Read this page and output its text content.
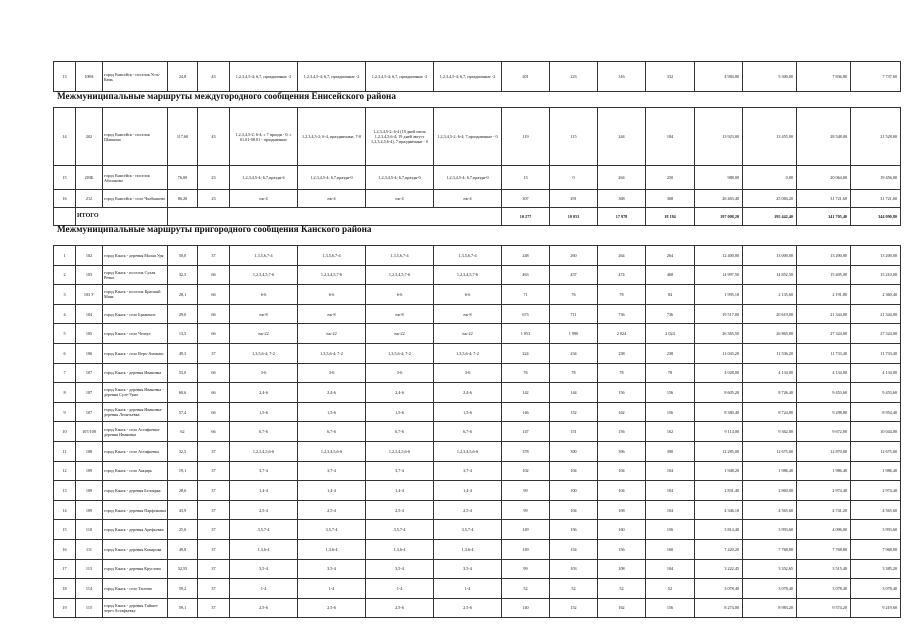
13	108А	город Енисейск - поселок Усть-Кемь	24,8	43	1,2,3,4,5-4; 6,7, праздничные -2	1,2,3,4,5-4; 6,7, праздничные -2	1,2,3,4,5-4; 6,7, праздничные -2	1,2,3,4,5-4; 6,7, праздничные -2	201	223	316	332	4 984,80	5 300,00	7 836,80	7 737,60
Межмуниципальные маршруты междугородного сообщения Енисейского района
14	202	город Енисейск - поселок Шапкино	117,60	43	1,2,3,4,5-2; 6-4; с 7 праздн - 0; с 01.01-08.01 - праздничные	1,2,3,4,5-2; 6-4, праздничные, 7-0	1,2,3,4,5-2; 6-4 (19 дней июль 1,2,3,4,5,6-4; 19 дней август 1,2,3,4,5,6-4), 7,праздничные - 0	1,2,3,4,5-2; 6-4; 7,праздничные - 0	119	115	244	184	13 923,00	13 455,00	28 548,00	21 528,00
15	203Б	город Енисейск - поселок Абалаково	76,00	23	1,2,3,4,5-4; 6,7,праздн-4	1,2,3,4,5-4; 6,7,праздн-0	1,2,3,4,5-4; 6,7,праздн-0	1,2,3,4,5-4; 6,7,праздн-0	13	0	264	250	988,00	0,00	20 064,00	19 456,00
16	212	город Енисейск - село Чалбышево	86,20	23	еж-4	еж-4	еж-4	еж-4	307	291	368	368	26 463,40	25 084,20	31 721,60	31 721,60
	ИТОГО								10 277	10 053	17 978	18 184	197 008,20	195 442,40	341 705,40	344 090,80
Межмуниципальные маршруты пригородного сообщения Канского района
1	102	город Канск - деревня Малая Уря	50,0	37	1,3,5,6,7-4	1,3,5,6,7-4	1,3,5,6,7-4	1,3,5,6,7-4	248	260	264	264	12 400,00	13 000,00	13 200,00	13 200,00
2	103	город Канск - поселок Сухая Речка	32,5	66	1,2,3,4,5,7-6	1,2,3,4,5,7-6	1,2,3,4,5,7-6	1,2,3,4,5,7-6	463	457	474	468	14 997,50	14 852,50	15 405,00	15 210,00
3	103 У	город Канск - поселок Красный Маяк	28,1	66	6-6	6-6	6-6	6-6	71	76	78	84	1 995,10	2 135,60	2 191,80	2 360,40
4	104	город Канск - село Браженое	29,0	66	еж-8	еж-8	еж-8	еж-8	673	711	736	736	19 517,00	20 619,00	21 344,00	21 344,00
5	105	город Канск - село Чечеул	13,5	66	еж-22	еж-22	еж-22	еж-22	1 953	1 990	2 024	2 024	26 365,50	26 865,00	27 324,00	27 324,00
6	106	город Канск - село Верх-Амонаш	49,3	37	1,3,5,6-4; 7-2	1,3,5,6-4; 7-2	1,3,5,6-4; 7-2	1,3,5,6-4; 7-2	224	234	238	238	11 043,20	11 536,20	11 733,40	11 733,40
7	107	город Канск - деревня Ивановка	53,0	66	3-6	3-6	3-6	3-6	76	78	78	78	4 028,00	4 134,00	4 134,00	4 134,00
8	107	город Канск - деревня Ивановка - деревня Суле-Урна	60,6	66	2,4-6	2,4-6	2,4-6	2,4-6	142	144	156	156	8 605,20	8 726,40	9 453,60	9 453,60
9	107	город Канск - деревня Ивановка-деревня Леонтьевка	57,4	66	1,5-6	1,5-6	1,5-6	1,5-6	146	152	162	156	8 380,40	8 724,80	9 298,80	8 954,40
10	107/108	город Канск - село Астафьевка-деревня Ивановка	62	66	6,7-6	6,7-6	6,7-6	6,7-6	147	151	156	162	9 114,00	9 362,00	9 672,00	10 044,00
11	108	город Канск - село Астафьевка	32,5	37	1,2,3,4,5,6-6	1,2,3,4,5,6-6	1,2,3,4,5,6-6	1,2,3,4,5,6-6	378	390	396	390	12 285,00	12 675,00	12 870,00	12 675,00
12	109	город Канск - село Анцирь	19,1	37	3,7-4	3,7-4	3,7-4	3,7-4	102	104	104	104	1 948,20	1 986,40	1 986,40	1 986,40
13	109	город Канск - деревня Белоярка	28,6	37	1,4-4	1,4-4	1,4-4	1,4-4	99	100	104	104	2 831,40	2 860,00	2 974,40	2 974,40
14	109	город Канск - деревня Парфеновка	43,9	37	2,5-4	2,5-4	2,5-4	2,5-4	99	104	108	104	4 346,10	4 565,60	4 741,20	4 565,60
15	110	город Канск - деревня Арефьевка	25,6	37	3,5,7-4	3,5,7-4	3,5,7-4	3,5,7-4	149	156	160	156	3 814,40	3 993,60	4 096,00	3 993,60
16	111	город Канск - деревня Комарова	49,8	37	1,3,6-4	1,3,6-4	1,3,6-4	1,3,6-4	149	154	156	160	7 420,20	7 768,80	7 768,80	7 968,00
17	113	город Канск - деревня Круглова	32,55	37	3,5-4	3,5-4	3,5-4	3,5-4	99	103	108	104	3 222,45	3 352,65	3 515,40	3 385,20
18	114	город Канск - село Тасеево	59,2	37	1-4	1-4	1-4	1-4	52	52	52	52	3 078,40	3 078,40	3 078,40	3 078,40
19	115	город Канск - деревня Тайшет через Астафьевку	59,1	37	2,5-6	2,5-6	2,5-6	2,5-6	140	152	162	156	8 274,00	8 983,20	9 574,20	9 219,60
